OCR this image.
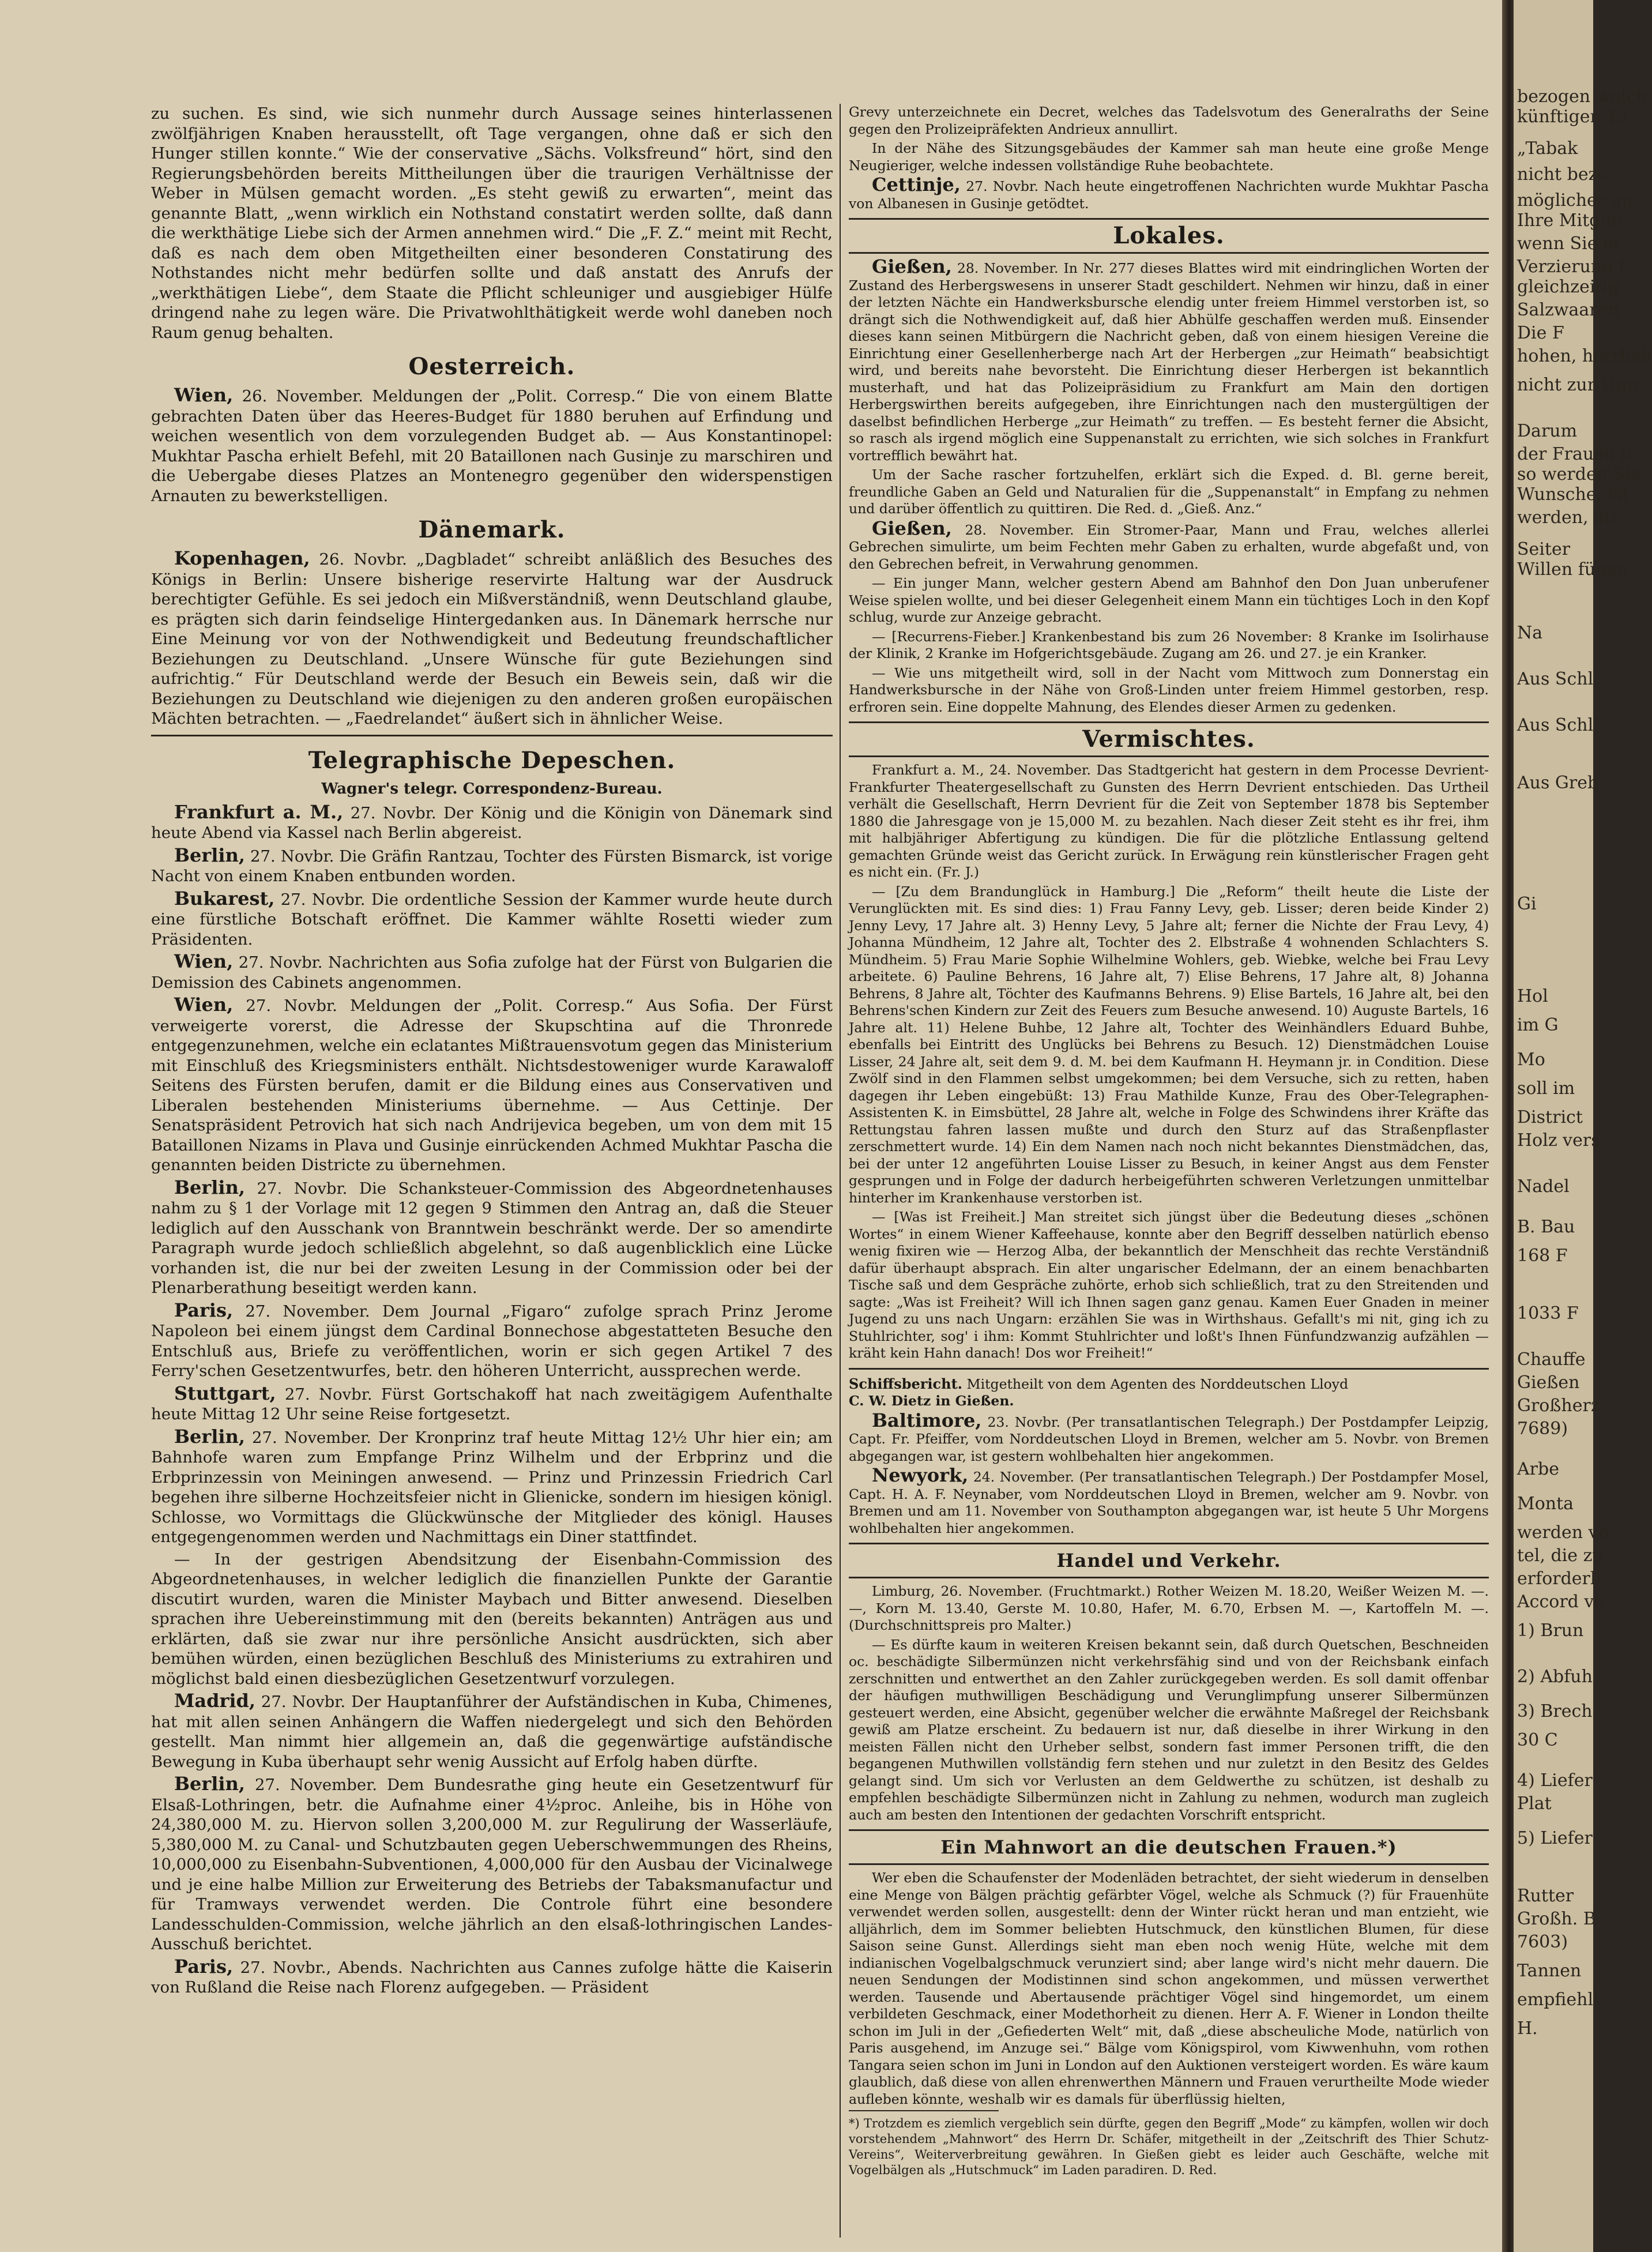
zu suchen. Es sind, wie sich nunmehr durch Aussage seines hinterlassenen zwölfjährigen Knaben herausstellt, oft Tage vergangen, ohne daß er sich den Hunger stillen konnte.“ Wie der conservative „Sächs. Volksfreund“ hört, sind den Regierungsbehörden bereits Mittheilungen über die traurigen Verhältnisse der Weber in Mülsen gemacht worden. „Es steht gewiß zu erwarten“, meint das genannte Blatt, „wenn wirklich ein Nothstand constatirt werden sollte, daß dann die werkthätige Liebe sich der Armen annehmen wird.“ Die „F. Z.“ meint mit Recht, daß es nach dem oben Mitgetheilten einer besonderen Constatirung des Nothstandes nicht mehr bedürfen sollte und daß anstatt des Anrufs der „werkthätigen Liebe“, dem Staate die Pflicht schleuniger und ausgiebiger Hülfe dringend nahe zu legen wäre. Die Privatwohlthätigkeit werde wohl daneben noch Raum genug behalten.

Oesterreich.

Wien, 26. November. Meldungen der „Polit. Corresp.“ Die von einem Blatte gebrachten Daten über das Heeres-Budget für 1880 beruhen auf Erfindung und weichen wesentlich von dem vorzulegenden Budget ab. — Aus Konstantinopel: Mukhtar Pascha erhielt Befehl, mit 20 Bataillonen nach Gusinje zu marschiren und die Uebergabe dieses Platzes an Montenegro gegenüber den widerspenstigen Arnauten zu bewerkstelligen.

Dänemark.

Kopenhagen, 26. Novbr. „Dagbladet“ schreibt anläßlich des Besuches des Königs in Berlin: Unsere bisherige reservirte Haltung war der Ausdruck berechtigter Gefühle. Es sei jedoch ein Mißverständniß, wenn Deutschland glaube, es prägten sich darin feindselige Hintergedanken aus. In Dänemark herrsche nur Eine Meinung vor von der Nothwendigkeit und Bedeutung freundschaftlicher Beziehungen zu Deutschland. „Unsere Wünsche für gute Beziehungen sind aufrichtig.“ Für Deutschland werde der Besuch ein Beweis sein, daß wir die Beziehungen zu Deutschland wie diejenigen zu den anderen großen europäischen Mächten betrachten. — „Faedrelandet“ äußert sich in ähnlicher Weise.

Telegraphische Depeschen.
Wagner's telegr. Correspondenz-Bureau.

Frankfurt a. M., 27. Novbr. Der König und die Königin von Dänemark sind heute Abend via Kassel nach Berlin abgereist.

Berlin, 27. Novbr. Die Gräfin Rantzau, Tochter des Fürsten Bismarck, ist vorige Nacht von einem Knaben entbunden worden.

Bukarest, 27. Novbr. Die ordentliche Session der Kammer wurde heute durch eine fürstliche Botschaft eröffnet. Die Kammer wählte Rosetti wieder zum Präsidenten.

Wien, 27. Novbr. Nachrichten aus Sofia zufolge hat der Fürst von Bulgarien die Demission des Cabinets angenommen.

Wien, 27. Novbr. Meldungen der „Polit. Corresp.“ Aus Sofia. Der Fürst verweigerte vorerst, die Adresse der Skupschtina auf die Thronrede entgegenzunehmen, welche ein eclatantes Mißtrauensvotum gegen das Ministerium mit Einschluß des Kriegsministers enthält. Nichtsdestoweniger wurde Karawaloff Seitens des Fürsten berufen, damit er die Bildung eines aus Conservativen und Liberalen bestehenden Ministeriums übernehme. — Aus Cettinje. Der Senatspräsident Petrovich hat sich nach Andrijevica begeben, um von dem mit 15 Bataillonen Nizams in Plava und Gusinje einrückenden Achmed Mukhtar Pascha die genannten beiden Districte zu übernehmen.

Berlin, 27. Novbr. Die Schanksteuer-Commission des Abgeordnetenhauses nahm zu § 1 der Vorlage mit 12 gegen 9 Stimmen den Antrag an, daß die Steuer lediglich auf den Ausschank von Branntwein beschränkt werde. Der so amendirte Paragraph wurde jedoch schließlich abgelehnt, so daß augenblicklich eine Lücke vorhanden ist, die nur bei der zweiten Lesung in der Commission oder bei der Plenarberathung beseitigt werden kann.

Paris, 27. November. Dem Journal „Figaro“ zufolge sprach Prinz Jerome Napoleon bei einem jüngst dem Cardinal Bonnechose abgestatteten Besuche den Entschluß aus, Briefe zu veröffentlichen, worin er sich gegen Artikel 7 des Ferry'schen Gesetzentwurfes, betr. den höheren Unterricht, aussprechen werde.

Stuttgart, 27. Novbr. Fürst Gortschakoff hat nach zweitägigem Aufenthalte heute Mittag 12 Uhr seine Reise fortgesetzt.

Berlin, 27. November. Der Kronprinz traf heute Mittag 12½ Uhr hier ein; am Bahnhofe waren zum Empfange Prinz Wilhelm und der Erbprinz und die Erbprinzessin von Meiningen anwesend. — Prinz und Prinzessin Friedrich Carl begehen ihre silberne Hochzeitsfeier nicht in Glienicke, sondern im hiesigen königl. Schlosse, wo Vormittags die Glückwünsche der Mitglieder des königl. Hauses entgegengenommen werden und Nachmittags ein Diner stattfindet.

— In der gestrigen Abendsitzung der Eisenbahn-Commission des Abgeordnetenhauses, in welcher lediglich die finanziellen Punkte der Garantie discutirt wurden, waren die Minister Maybach und Bitter anwesend. Dieselben sprachen ihre Uebereinstimmung mit den (bereits bekannten) Anträgen aus und erklärten, daß sie zwar nur ihre persönliche Ansicht ausdrückten, sich aber bemühen würden, einen bezüglichen Beschluß des Ministeriums zu extrahiren und möglichst bald einen diesbezüglichen Gesetzentwurf vorzulegen.

Madrid, 27. Novbr. Der Hauptanführer der Aufständischen in Kuba, Chimenes, hat mit allen seinen Anhängern die Waffen niedergelegt und sich den Behörden gestellt. Man nimmt hier allgemein an, daß die gegenwärtige aufständische Bewegung in Kuba überhaupt sehr wenig Aussicht auf Erfolg haben dürfte.

Berlin, 27. November. Dem Bundesrathe ging heute ein Gesetzentwurf für Elsaß-Lothringen, betr. die Aufnahme einer 4½proc. Anleihe, bis in Höhe von 24,380,000 M. zu. Hiervon sollen 3,200,000 M. zur Regulirung der Wasserläufe, 5,380,000 M. zu Canal- und Schutzbauten gegen Ueberschwemmungen des Rheins, 10,000,000 zu Eisenbahn-Subventionen, 4,000,000 für den Ausbau der Vicinalwege und je eine halbe Million zur Erweiterung des Betriebs der Tabaksmanufactur und für Tramways verwendet werden. Die Controle führt eine besondere Landesschulden-Commission, welche jährlich an den elsaß-lothringischen Landes-Ausschuß berichtet.

Paris, 27. Novbr., Abends. Nachrichten aus Cannes zufolge hätte die Kaiserin von Rußland die Reise nach Florenz aufgegeben. — Präsident

Grevy unterzeichnete ein Decret, welches das Tadelsvotum des Generalraths der Seine gegen den Prolizeipräfekten Andrieux annullirt.

In der Nähe des Sitzungsgebäudes der Kammer sah man heute eine große Menge Neugieriger, welche indessen vollständige Ruhe beobachtete.

Cettinje, 27. Novbr. Nach heute eingetroffenen Nachrichten wurde Mukhtar Pascha von Albanesen in Gusinje getödtet.

Lokales.

Gießen, 28. November. In Nr. 277 dieses Blattes wird mit eindringlichen Worten der Zustand des Herbergswesens in unserer Stadt geschildert. Nehmen wir hinzu, daß in einer der letzten Nächte ein Handwerksbursche elendig unter freiem Himmel verstorben ist, so drängt sich die Nothwendigkeit auf, daß hier Abhülfe geschaffen werden muß. Einsender dieses kann seinen Mitbürgern die Nachricht geben, daß von einem hiesigen Vereine die Einrichtung einer Gesellenherberge nach Art der Herbergen „zur Heimath“ beabsichtigt wird, und bereits nahe bevorsteht. Die Einrichtung dieser Herbergen ist bekanntlich musterhaft, und hat das Polizeipräsidium zu Frankfurt am Main den dortigen Herbergswirthen bereits aufgegeben, ihre Einrichtungen nach den mustergültigen der daselbst befindlichen Herberge „zur Heimath“ zu treffen. — Es besteht ferner die Absicht, so rasch als irgend möglich eine Suppenanstalt zu errichten, wie sich solches in Frankfurt vortrefflich bewährt hat.

Um der Sache rascher fortzuhelfen, erklärt sich die Exped. d. Bl. gerne bereit, freundliche Gaben an Geld und Naturalien für die „Suppenanstalt“ in Empfang zu nehmen und darüber öffentlich zu quittiren. Die Red. d. „Gieß. Anz.“

Gießen, 28. November. Ein Stromer-Paar, Mann und Frau, welches allerlei Gebrechen simulirte, um beim Fechten mehr Gaben zu erhalten, wurde abgefaßt und, von den Gebrechen befreit, in Verwahrung genommen.

— Ein junger Mann, welcher gestern Abend am Bahnhof den Don Juan unberufener Weise spielen wollte, und bei dieser Gelegenheit einem Mann ein tüchtiges Loch in den Kopf schlug, wurde zur Anzeige gebracht.

— [Recurrens-Fieber.] Krankenbestand bis zum 26 November: 8 Kranke im Isolirhause der Klinik, 2 Kranke im Hofgerichtsgebäude. Zugang am 26. und 27. je ein Kranker.

— Wie uns mitgetheilt wird, soll in der Nacht vom Mittwoch zum Donnerstag ein Handwerksbursche in der Nähe von Groß-Linden unter freiem Himmel gestorben, resp. erfroren sein. Eine doppelte Mahnung, des Elendes dieser Armen zu gedenken.

Vermischtes.

Frankfurt a. M., 24. November. Das Stadtgericht hat gestern in dem Processe Devrient-Frankfurter Theatergesellschaft zu Gunsten des Herrn Devrient entschieden. Das Urtheil verhält die Gesellschaft, Herrn Devrient für die Zeit von September 1878 bis September 1880 die Jahresgage von je 15,000 M. zu bezahlen. Nach dieser Zeit steht es ihr frei, ihm mit halbjähriger Abfertigung zu kündigen. Die für die plötzliche Entlassung geltend gemachten Gründe weist das Gericht zurück. In Erwägung rein künstlerischer Fragen geht es nicht ein. (Fr. J.)

— [Zu dem Brandunglück in Hamburg.] Die „Reform“ theilt heute die Liste der Verunglückten mit. Es sind dies: 1) Frau Fanny Levy, geb. Lisser; deren beide Kinder 2) Jenny Levy, 17 Jahre alt. 3) Henny Levy, 5 Jahre alt; ferner die Nichte der Frau Levy, 4) Johanna Mündheim, 12 Jahre alt, Tochter des 2. Elbstraße 4 wohnenden Schlachters S. Mündheim. 5) Frau Marie Sophie Wilhelmine Wohlers, geb. Wiebke, welche bei Frau Levy arbeitete. 6) Pauline Behrens, 16 Jahre alt, 7) Elise Behrens, 17 Jahre alt, 8) Johanna Behrens, 8 Jahre alt, Töchter des Kaufmanns Behrens. 9) Elise Bartels, 16 Jahre alt, bei den Behrens'schen Kindern zur Zeit des Feuers zum Besuche anwesend. 10) Auguste Bartels, 16 Jahre alt. 11) Helene Buhbe, 12 Jahre alt, Tochter des Weinhändlers Eduard Buhbe, ebenfalls bei Eintritt des Unglücks bei Behrens zu Besuch. 12) Dienstmädchen Louise Lisser, 24 Jahre alt, seit dem 9. d. M. bei dem Kaufmann H. Heymann jr. in Condition. Diese Zwölf sind in den Flammen selbst umgekommen; bei dem Versuche, sich zu retten, haben dagegen ihr Leben eingebüßt: 13) Frau Mathilde Kunze, Frau des Ober-Telegraphen-Assistenten K. in Eimsbüttel, 28 Jahre alt, welche in Folge des Schwindens ihrer Kräfte das Rettungstau fahren lassen mußte und durch den Sturz auf das Straßenpflaster zerschmettert wurde. 14) Ein dem Namen nach noch nicht bekanntes Dienstmädchen, das, bei der unter 12 angeführten Louise Lisser zu Besuch, in keiner Angst aus dem Fenster gesprungen und in Folge der dadurch herbeigeführten schweren Verletzungen unmittelbar hinterher im Krankenhause verstorben ist.

— [Was ist Freiheit.] Man streitet sich jüngst über die Bedeutung dieses „schönen Wortes“ in einem Wiener Kaffeehause, konnte aber den Begriff desselben natürlich ebenso wenig fixiren wie — Herzog Alba, der bekanntlich der Menschheit das rechte Verständniß dafür überhaupt absprach. Ein alter ungarischer Edelmann, der an einem benachbarten Tische saß und dem Gespräche zuhörte, erhob sich schließlich, trat zu den Streitenden und sagte: „Was ist Freiheit? Will ich Ihnen sagen ganz genau. Kamen Euer Gnaden in meiner Jugend zu uns nach Ungarn: erzählen Sie was in Wirthshaus. Gefallt's mi nit, ging ich zu Stuhlrichter, sog' i ihm: Kommt Stuhlrichter und loßt's Ihnen Fünfundzwanzig aufzählen — kräht kein Hahn danach! Dos wor Freiheit!“

Schiffsbericht. Mitgetheilt von dem Agenten des Norddeutschen Lloyd
C. W. Dietz in Gießen.

Baltimore, 23. Novbr. (Per transatlantischen Telegraph.) Der Postdampfer Leipzig, Capt. Fr. Pfeiffer, vom Norddeutschen Lloyd in Bremen, welcher am 5. Novbr. von Bremen abgegangen war, ist gestern wohlbehalten hier angekommen.

Newyork, 24. November. (Per transatlantischen Telegraph.) Der Postdampfer Mosel, Capt. H. A. F. Neynaber, vom Norddeutschen Lloyd in Bremen, welcher am 9. Novbr. von Bremen und am 11. November von Southampton abgegangen war, ist heute 5 Uhr Morgens wohlbehalten hier angekommen.

Handel und Verkehr.

Limburg, 26. November. (Fruchtmarkt.) Rother Weizen M. 18.20, Weißer Weizen M. —.—, Korn M. 13.40, Gerste M. 10.80, Hafer, M. 6.70, Erbsen M. —, Kartoffeln M. —. (Durchschnittspreis pro Malter.)

— Es dürfte kaum in weiteren Kreisen bekannt sein, daß durch Quetschen, Beschneiden oc. beschädigte Silbermünzen nicht verkehrsfähig sind und von der Reichsbank einfach zerschnitten und entwerthet an den Zahler zurückgegeben werden. Es soll damit offenbar der häufigen muthwilligen Beschädigung und Verunglimpfung unserer Silbermünzen gesteuert werden, eine Absicht, gegenüber welcher die erwähnte Maßregel der Reichsbank gewiß am Platze erscheint. Zu bedauern ist nur, daß dieselbe in ihrer Wirkung in den meisten Fällen nicht den Urheber selbst, sondern fast immer Personen trifft, die den begangenen Muthwillen vollständig fern stehen und nur zuletzt in den Besitz des Geldes gelangt sind. Um sich vor Verlusten an dem Geldwerthe zu schützen, ist deshalb zu empfehlen beschädigte Silbermünzen nicht in Zahlung zu nehmen, wodurch man zugleich auch am besten den Intentionen der gedachten Vorschrift entspricht.

Ein Mahnwort an die deutschen Frauen.*)

Wer eben die Schaufenster der Modenläden betrachtet, der sieht wiederum in denselben eine Menge von Bälgen prächtig gefärbter Vögel, welche als Schmuck (?) für Frauenhüte verwendet werden sollen, ausgestellt: denn der Winter rückt heran und man entzieht, wie alljährlich, dem im Sommer beliebten Hutschmuck, den künstlichen Blumen, für diese Saison seine Gunst. Allerdings sieht man eben noch wenig Hüte, welche mit dem indianischen Vogelbalgschmuck verunziert sind; aber lange wird's nicht mehr dauern. Die neuen Sendungen der Modistinnen sind schon angekommen, und müssen verwerthet werden. Tausende und Abertausende prächtiger Vögel sind hingemordet, um einem verbildeten Geschmack, einer Modethorheit zu dienen. Herr A. F. Wiener in London theilte schon im Juli in der „Gefiederten Welt“ mit, daß „diese abscheuliche Mode, natürlich von Paris ausgehend, im Anzuge sei.“ Bälge vom Königspirol, vom Kiwwenhuhn, vom rothen Tangara seien schon im Juni in London auf den Auktionen versteigert worden. Es wäre kaum glaublich, daß diese von allen ehrenwerthen Männern und Frauen verurtheilte Mode wieder aufleben könnte, weshalb wir es damals für überflüssig hielten,

*) Trotzdem es ziemlich vergeblich sein dürfte, gegen den Begriff „Mode“ zu kämpfen, wollen wir doch vorstehendem „Mahnwort“ des Herrn Dr. Schäfer, mitgetheilt in der „Zeitschrift des Thier Schutz-Vereins“, Weiterverbreitung gewähren. In Gießen giebt es leider auch Geschäfte, welche mit Vogelbälgen als „Hutschmuck“ im Laden paradiren. D. Red.
bezogen welch
künftigen Ta
„Tabak
nicht bezo
möglicher un
Ihre Mitglie
wenn Sie ei
Verzierung f
gleichzeitig
Salzwaaren
Die F
hohen, herrlich
nicht zur Unn
Darum
der Frauen h
so werden Sie
Wunsche, ist
werden, als
Seiter
Willen fügen
Na
Aus Schl
Aus Schl
Aus Greb
Gi
Hol
im G
Mo
soll im
District
Holz vers
Nadel
B. Bau
168 F
1033 F
Chauffe
Gießen
Großherz
7689)
Arbe
Monta
werden vo
tel, die zu
erforderli
Accord ve
1) Brun
2) Abfuh
3) Brech
30 C
4) Liefer
Plat
5) Liefer
Rutter
Großh. B
7603)
Tannen
empfiehlt
H.
